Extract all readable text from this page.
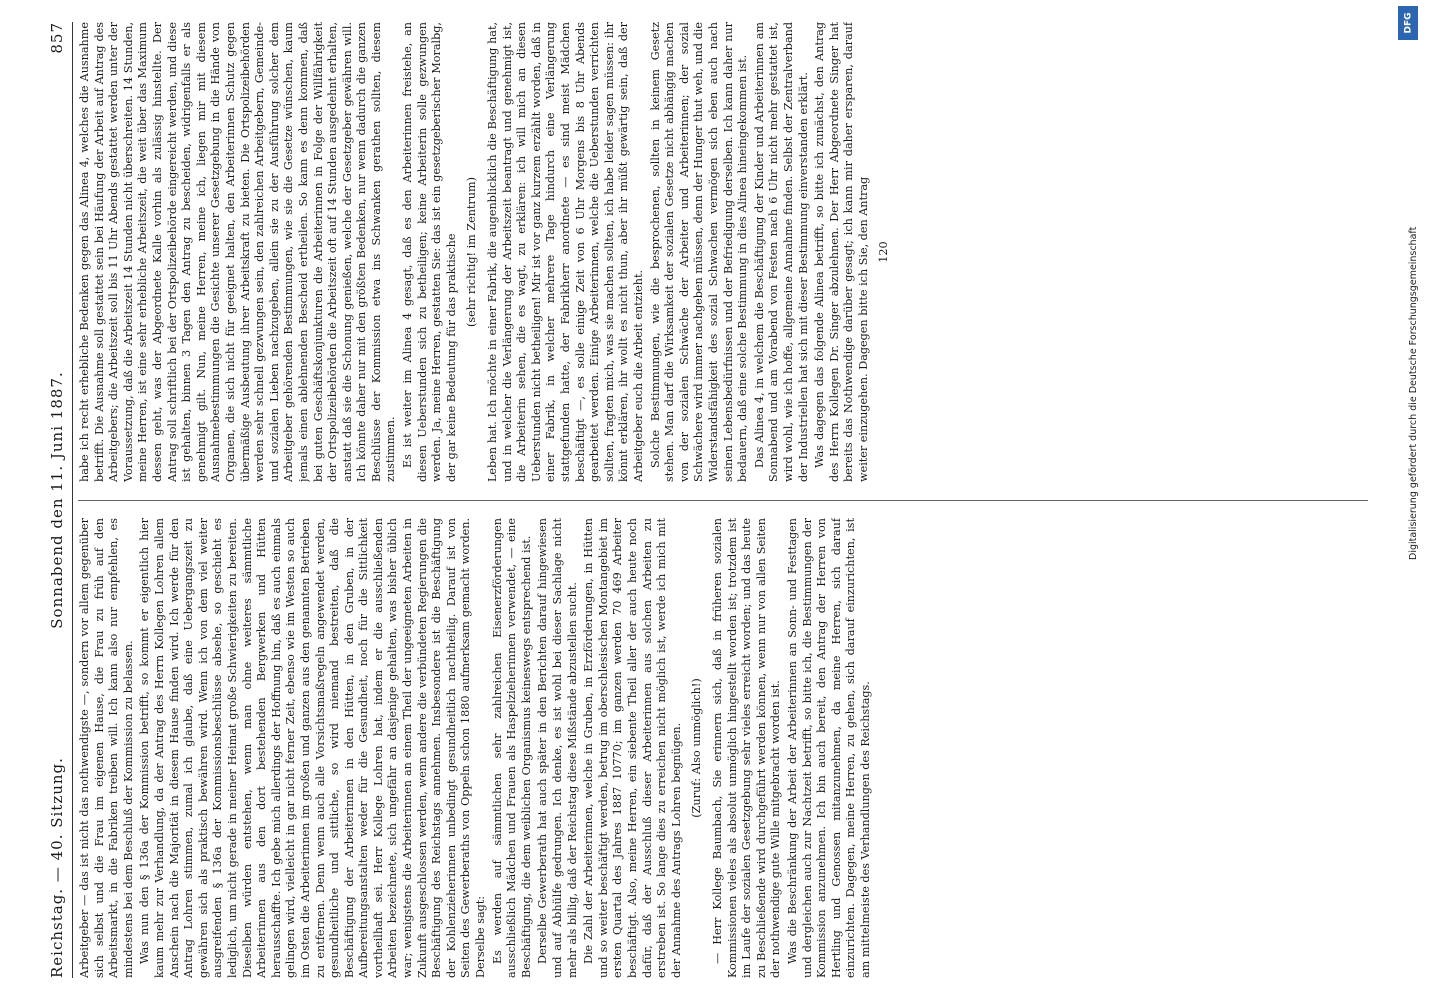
Reichstag. — 40. Sitzung.
Sonnabend den 11. Juni 1887.
857

Arbeitgeber — das ist nicht das nothwendigste —, sondern vor allem gegenüber sich selbst und die Frau im eigenen Hause, die Frau zu früh auf den Arbeitsmarkt, in die Fabriken treiben will. Ich kann also nur empfehlen, es mindestens bei dem Beschluß der Kommission zu belassen. Was nun den § 136a der Kommission betrifft, so kommt er eigentlich hier kaum mehr zur Verhandlung, da der Antrag des Herrn Kollegen Lohren allem Anschein nach die Majorität in diesem Hause finden wird. Ich werde für den Antrag Lohren stimmen, zumal ich glaube, daß eine Uebergangszeit zu gewähren sich als praktisch bewähren wird. Wenn ich von dem viel weiter ausgreifenden § 136a der Kommissionsbeschlüsse absehe, so geschieht es lediglich, um nicht gerade in meiner Heimat große Schwierigkeiten zu bereiten. Dieselben würden entstehen, wenn man ohne weiteres sämmtliche Arbeiterinnen aus den dort bestehenden Bergwerken und Hütten herausschaffte. Ich gebe mich allerdings der Hoffnung hin, daß es auch einmals gelingen wird, vielleicht in gar nicht ferner Zeit, ebenso wie im Westen so auch im Osten die Arbeiterinnen im großen und ganzen aus den genannten Betrieben zu entfernen. Denn wenn auch alle Vorsichtsmaßregeln angewendet werden, gesundheitliche und sittliche, so wird niemand bestreiten, daß die Beschäftigung der Arbeiterinnen in den Hütten, in den Gruben, in der Aufbereitungsanstalten weder für die Gesundheit, noch für die Sittlichkeit vortheilhaft sei. Herr Kollege Lohren hat, indem er die ausschließenden Arbeiten bezeichnete, sich ungefähr an dasjenige gehalten, was bisher üblich war; wenigstens die Arbeiterinnen an einem Theil der ungeeigneten Arbeiten in Zukunft ausgeschlossen werden, wenn andere die verbündeten Regierungen die Beschäftigung des Reichstags annehmen. Insbesondere ist die Beschäftigung der Kohlenzieherinnen unbedingt gesundheitlich nachtheilig. Darauf ist von Seiten des Gewerberaths von Oppeln schon 1880 aufmerksam gemacht worden. Derselbe sagt: Es werden auf sämmtlichen sehr zahlreichen Eisenerzförderungen ausschließlich Mädchen und Frauen als Haspelzieherinnen verwendet, — eine Beschäftigung, die dem weiblichen Organismus keineswegs entsprechend ist. Derselbe Gewerberath hat auch später in den Berichten darauf hingewiesen und auf Abhülfe gedrungen. Ich denke, es ist wohl bei dieser Sachlage nicht mehr als billig, daß der Reichstag diese Mißstände abzustellen sucht. Die Zahl der Arbeiterinnen, welche in Gruben, in Erzförderungen, in Hütten und so weiter beschäftigt werden, betrug im oberschlesischen Montangebiet im ersten Quartal des Jahres 1887 10770; im ganzen werden 70 469 Arbeiter beschäftigt. Also, meine Herren, ein siebente Theil aller der auch heute noch dafür, daß der Ausschluß dieser Arbeiterinnen aus solchen Arbeiten zu erstreben ist. So lange dies zu erreichen nicht möglich ist, werde ich mich mit der Annahme des Antrags Lohren begnügen. (Zuruf: Also unmöglich!) — Herr Kollege Baumbach, Sie erinnern sich, daß in früheren sozialen Kommissionen vieles als absolut unmöglich hingestellt worden ist; trotzdem ist im Laufe der sozialen Gesetzgebung sehr vieles erreicht worden; und das heute zu Beschließende wird durchgeführt werden können, wenn nur von allen Seiten der nothwendige gute Wille mitgebracht worden ist. Was die Beschränkung der Arbeit der Arbeiterinnen an Sonn- und Festtagen und dergleichen auch zur Nachtzeit betrifft, so bitte ich, die Bestimmungen der Kommission anzunehmen. Ich bin auch bereit, den Antrag der Herren von Hertling und Genossen mitanzunehmen, da meine Herren, sich darauf einzurichten. Dagegen, meine Herren, zu gehen, sich darauf einzurichten, ist am mittelmeiste des Verhandlungen des Reichstags.

habe ich recht erhebliche Bedenken gegen das Alinea 4, welches die Ausnahme betrifft. Die Ausnahme soll gestattet sein bei Häufung der Arbeit auf Antrag des Arbeitgebers; die Arbeitszeit soll bis 11 Uhr Abends gestattet werden unter der Voraussetzung, daß die Arbeitszeit 14 Stunden nicht überschreiten. 14 Stunden, meine Herren, ist eine sehr erhebliche Arbeitszeit, die weit über das Maximum dessen geht, was der Abgeordnete Kalle vorhin als zulässig hinstellte. Der Antrag soll schriftlich bei der Ortspolizeibehörde eingereicht werden, und diese ist gehalten, binnen 3 Tagen den Antrag zu bescheiden, widrigenfalls er als genehmigt gilt. Nun, meine Herren, meine ich, liegen mir mit diesem Ausnahmebestimmungen die Gesichte unserer Gesetzgebung in die Hände von Organen, die sich nicht für geeignet halten, den Arbeiterinnen Schutz gegen übermäßige Ausbeutung ihrer Arbeitskraft zu bieten. Die Ortspolizeibehörden werden sehr schnell gezwungen sein, den zahlreichen Arbeitgebern, Gemeinde- und sozialen Lieben nachzugeben, allein sie zu der Ausführung solcher dem Arbeitgeber gehörenden Bestimmungen, wie sie die Gesetze wünschen, kaum jemals einen ablehnenden Bescheid ertheilen. So kann es denn kommen, daß bei guten Geschäftskonjunkturen die Arbeiterinnen in Folge der Willfährigkeit der Ortspolizeibehörden die Arbeitszeit oft auf 14 Stunden ausgedehnt erhalten, anstatt daß sie die Schonung genießen, welche der Gesetzgeber gewähren will. Ich könnte daher nur mit den größten Bedenken, nur wenn dadurch die ganzen Beschlüsse der Kommission etwa ins Schwanken gerathen sollten, diesem zustimmen. Es ist weiter im Alinea 4 gesagt, daß es den Arbeiterinnen freistehe, an diesen Ueberstunden sich zu betheiligen; keine Arbeiterin solle gezwungen werden. Ja, meine Herren, gestatten Sie: das ist ein gesetzgeberischer Moralbg, der gar keine Bedeutung für das praktische (sehr richtig! im Zentrum) Leben hat. Ich möchte in einer Fabrik, die augenblicklich die Beschäftigung hat, und in welcher die Verlängerung der Arbeitszeit beantragt und genehmigt ist, die Arbeiterin sehen, die es wagt, zu erklären: ich will mich an diesen Ueberstunden nicht betheiligen! Mir ist vor ganz kurzem erzählt worden, daß in einer Fabrik, in welcher mehrere Tage hindurch eine Verlängerung stattgefunden hatte, der Fabrikherr anordnete — es sind meist Mädchen beschäftigt —, es solle einige Zeit von 6 Uhr Morgens bis 8 Uhr Abends gearbeitet werden. Einige Arbeiterinnen, welche die Ueberstunden verrichten sollten, fragten mich, was sie machen sollten, ich habe leider sagen müssen: ihr könnt erklären, ihr wollt es nicht thun, aber ihr müßt gewärtig sein, daß der Arbeitgeber euch die Arbeit entzieht. Solche Bestimmungen, wie die besprochenen, sollten in keinem Gesetz stehen. Man darf die Wirksamkeit der sozialen Gesetze nicht abhängig machen von der sozialen Schwäche der Arbeiter und Arbeiterinnen; der sozial Schwächere wird immer nachgeben müssen, denn der Hunger thut weh, und die Widerstandsfähigkeit des sozial Schwachen vermögen sich eben auch nach seinen Lebensbedürfnissen und der Befriedigung derselben. Ich kann daher nur bedauern, daß eine solche Bestimmung in dies Alinea hineingekommen ist. Das Alinea 4, in welchem die Beschäftigung der Kinder und Arbeiterinnen am Sonnabend und am Vorabend von Festen nach 6 Uhr nicht mehr gestattet ist, wird wohl, wie ich hoffe, allgemeine Annahme finden. Selbst der Zentralverband der Industriellen hat sich mit dieser Bestimmung einverstanden erklärt. Was dagegen das folgende Alinea betrifft, so bitte ich zunächst, den Antrag des Herrn Kollegen Dr. Singer abzulehnen. Der Herr Abgeordnete Singer hat bereits das Nothwendige darüber gesagt; ich kann mir daher ersparen, darauf weiter einzugehen. Dagegen bitte ich Sie, den Antrag 120

DFG
Digitalisierung gefördert durch die Deutsche Forschungsgemeinschaft
